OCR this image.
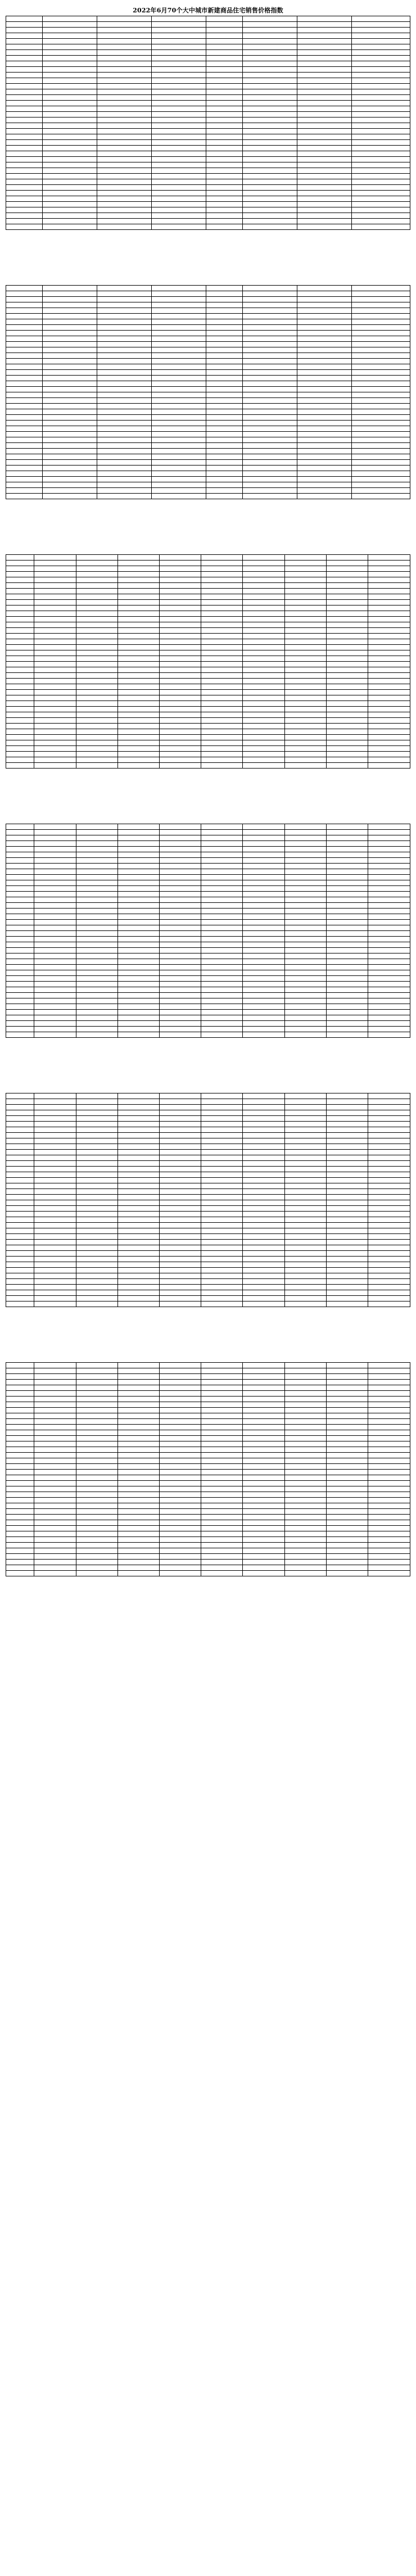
2022年6月70个大中城市新建商品住宅销售价格指数
